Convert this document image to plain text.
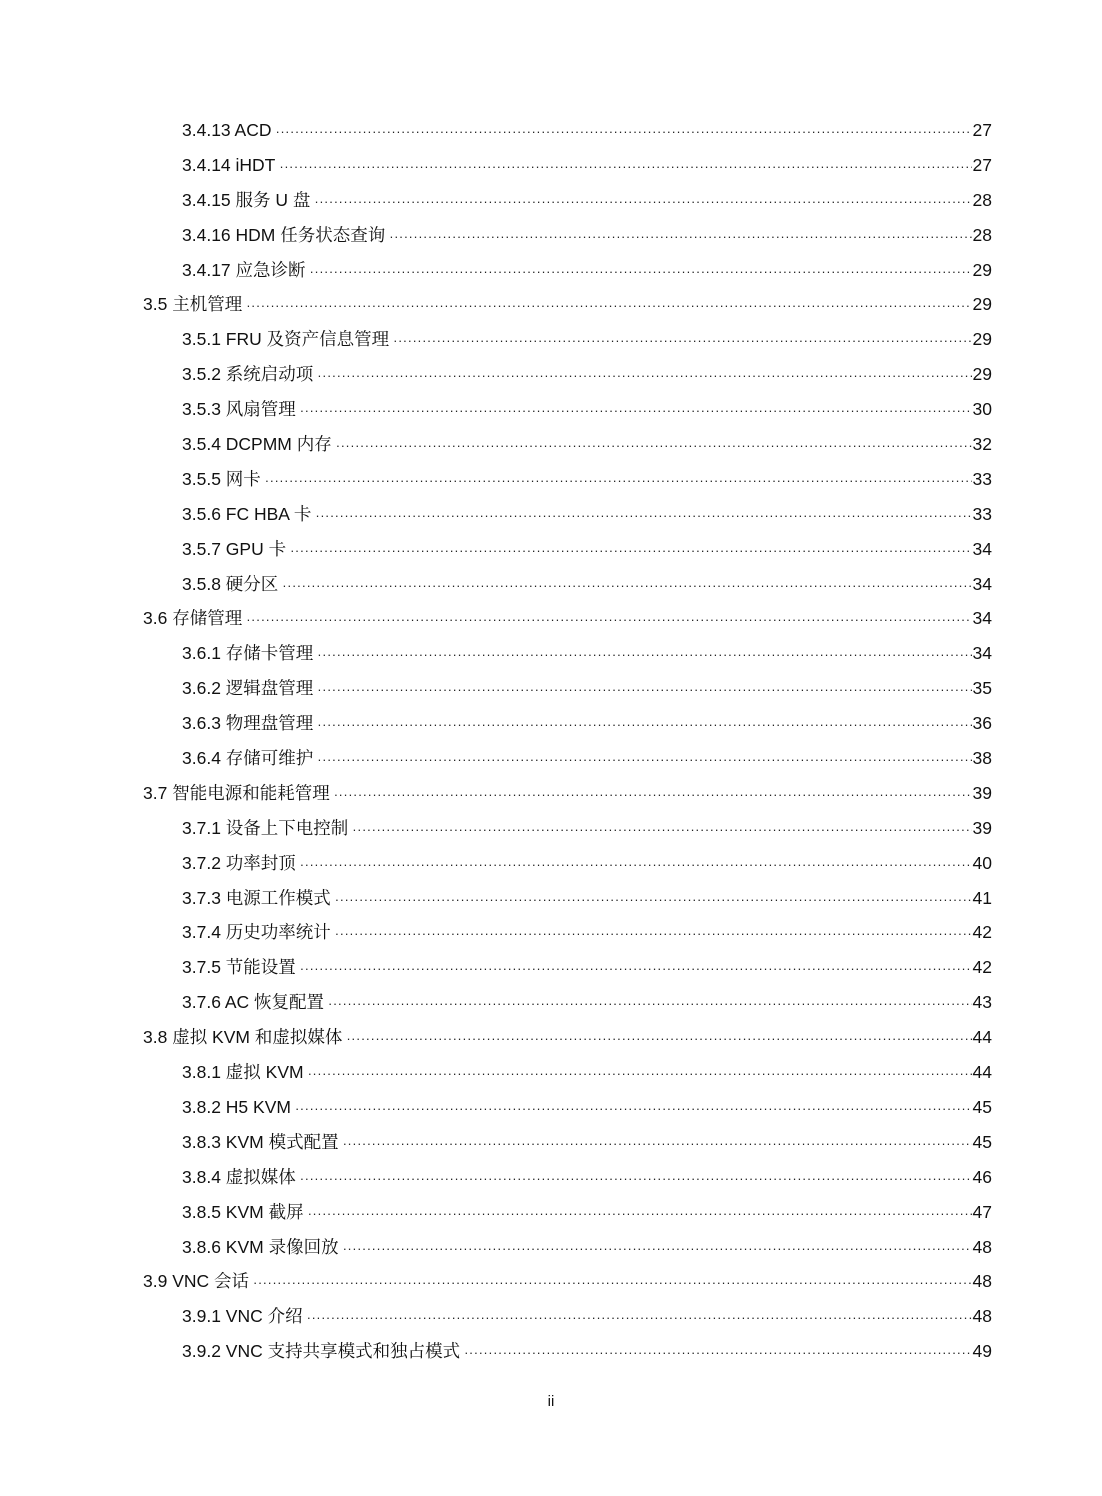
3.4.13 ACD ·····	27
3.4.14 iHDT ·····	27
3.4.15 服务 U 盘 ·····	28
3.4.16 HDM 任务状态查询 ·····	28
3.4.17 应急诊断 ·····	29
3.5 主机管理 ·····	29
3.5.1 FRU 及资产信息管理 ·····	29
3.5.2 系统启动项 ·····	29
3.5.3 风扇管理 ·····	30
3.5.4 DCPMM 内存 ·····	32
3.5.5 网卡 ·····	33
3.5.6 FC HBA 卡 ·····	33
3.5.7 GPU 卡 ·····	34
3.5.8 硬分区 ·····	34
3.6 存储管理 ·····	34
3.6.1 存储卡管理 ·····	34
3.6.2 逻辑盘管理 ·····	35
3.6.3 物理盘管理 ·····	36
3.6.4 存储可维护 ·····	38
3.7 智能电源和能耗管理 ·····	39
3.7.1 设备上下电控制 ·····	39
3.7.2 功率封顶 ·····	40
3.7.3 电源工作模式 ·····	41
3.7.4 历史功率统计 ·····	42
3.7.5 节能设置 ·····	42
3.7.6 AC 恢复配置 ·····	43
3.8 虚拟 KVM 和虚拟媒体 ·····	44
3.8.1 虚拟 KVM ·····	44
3.8.2 H5 KVM ·····	45
3.8.3 KVM 模式配置 ·····	45
3.8.4 虚拟媒体 ·····	46
3.8.5 KVM 截屏 ·····	47
3.8.6 KVM 录像回放 ·····	48
3.9 VNC 会话 ·····	48
3.9.1 VNC 介绍 ·····	48
3.9.2 VNC 支持共享模式和独占模式 ·····	49
ii
